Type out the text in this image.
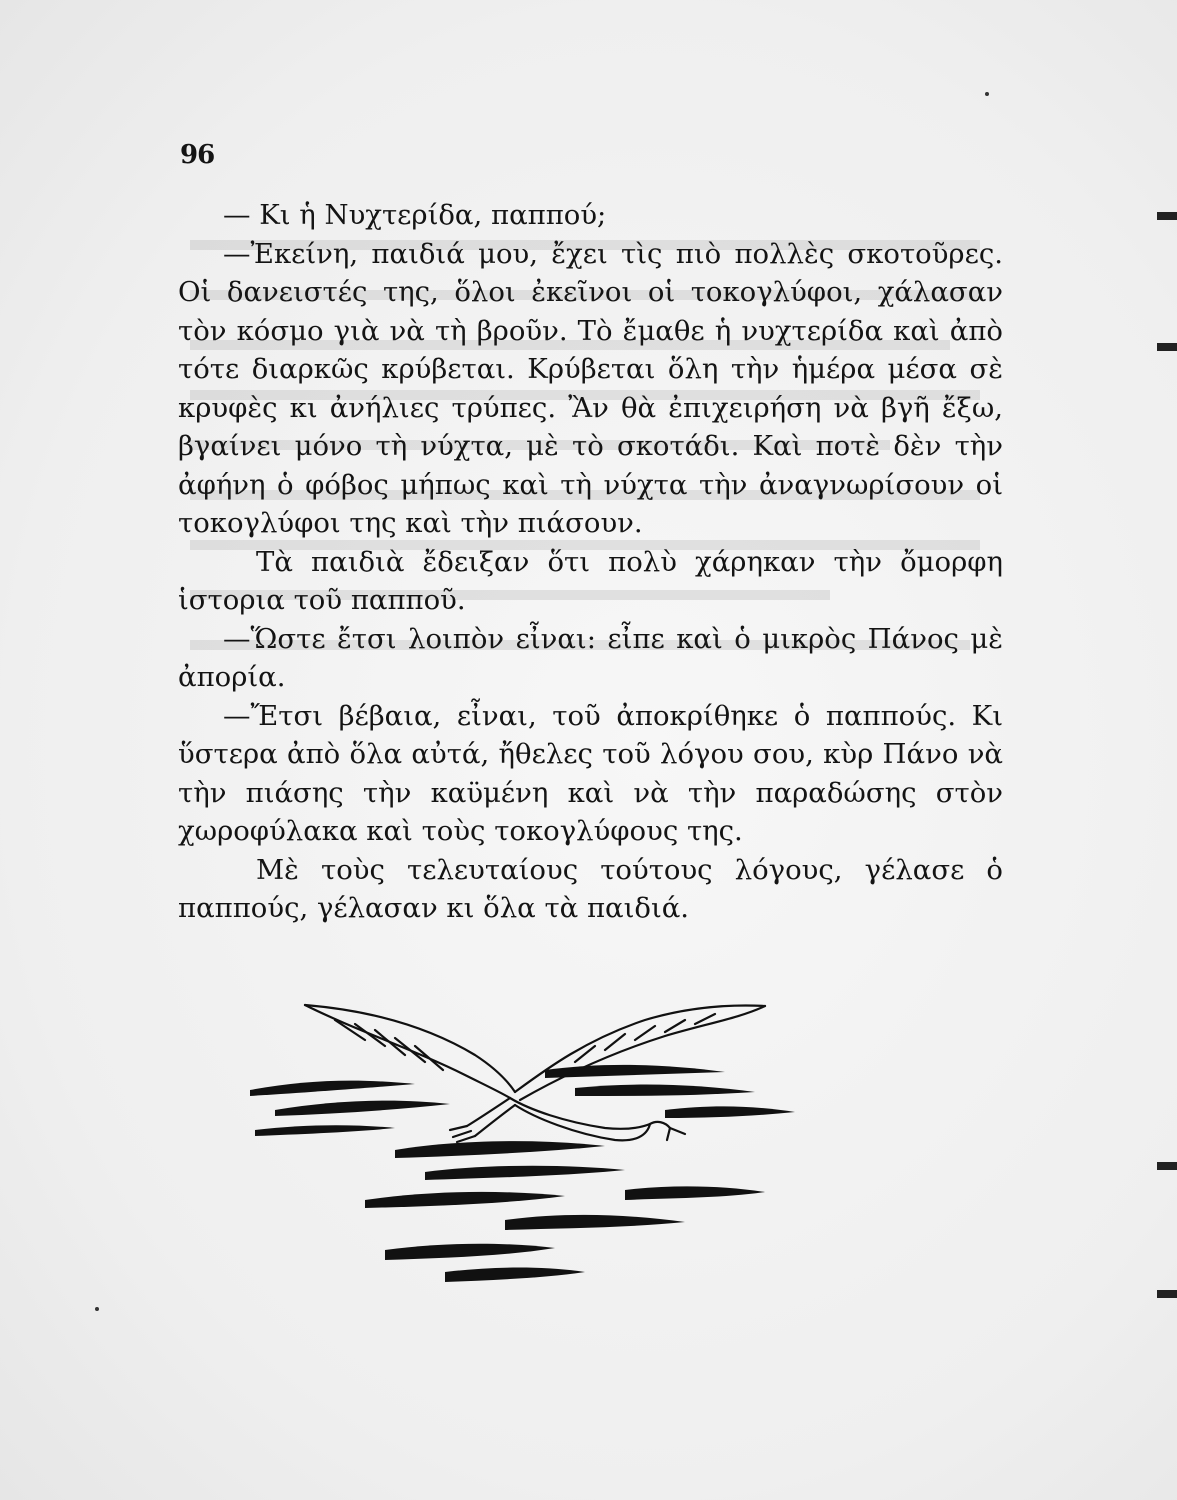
96

— Κι ἡ Νυχτερίδα, παππού;

—Ἐκείνη, παιδιά μου, ἔχει τὶς πιὸ πολλὲς σκοτοῦρες. Οἱ δανειστές της, ὅλοι ἐκεῖνοι οἱ τοκογλύφοι, χάλασαν τὸν κόσμο γιὰ νὰ τὴ βροῦν. Τὸ ἔμαθε ἡ νυχτερίδα καὶ ἀπὸ τότε διαρκῶς κρύβεται. Κρύβεται ὅλη τὴν ἡμέρα μέσα σὲ κρυφὲς κι ἀνήλιες τρύπες. Ἂν θὰ ἐπιχειρήση νὰ βγῆ ἔξω, βγαίνει μόνο τὴ νύχτα, μὲ τὸ σκοτάδι. Καὶ ποτὲ δὲν τὴν ἀφήνη ὁ φόβος μήπως καὶ τὴ νύχτα τὴν ἀναγνωρίσουν οἱ τοκογλύφοι της καὶ τὴν πιάσουν.

Τὰ παιδιὰ ἔδειξαν ὅτι πολὺ χάρηκαν τὴν ὄμορφη ἱστορια τοῦ παπποῦ.

—Ὥστε ἔτσι λοιπὸν εἶναι: εἶπε καὶ ὁ μικρὸς Πάνος μὲ ἀπορία.

—Ἔτσι βέβαια, εἶναι, τοῦ ἀποκρίθηκε ὁ παππούς. Κι ὕστερα ἀπὸ ὅλα αὐτά, ἤθελες τοῦ λόγου σου, κὺρ Πάνο νὰ τὴν πιάσης τὴν καϋμένη καὶ νὰ τὴν παραδώσης στὸν χωροφύλακα καὶ τοὺς τοκογλύφους της.

Μὲ τοὺς τελευταίους τούτους λόγους, γέλασε ὁ παππούς, γέλασαν κι ὅλα τὰ παιδιά.
